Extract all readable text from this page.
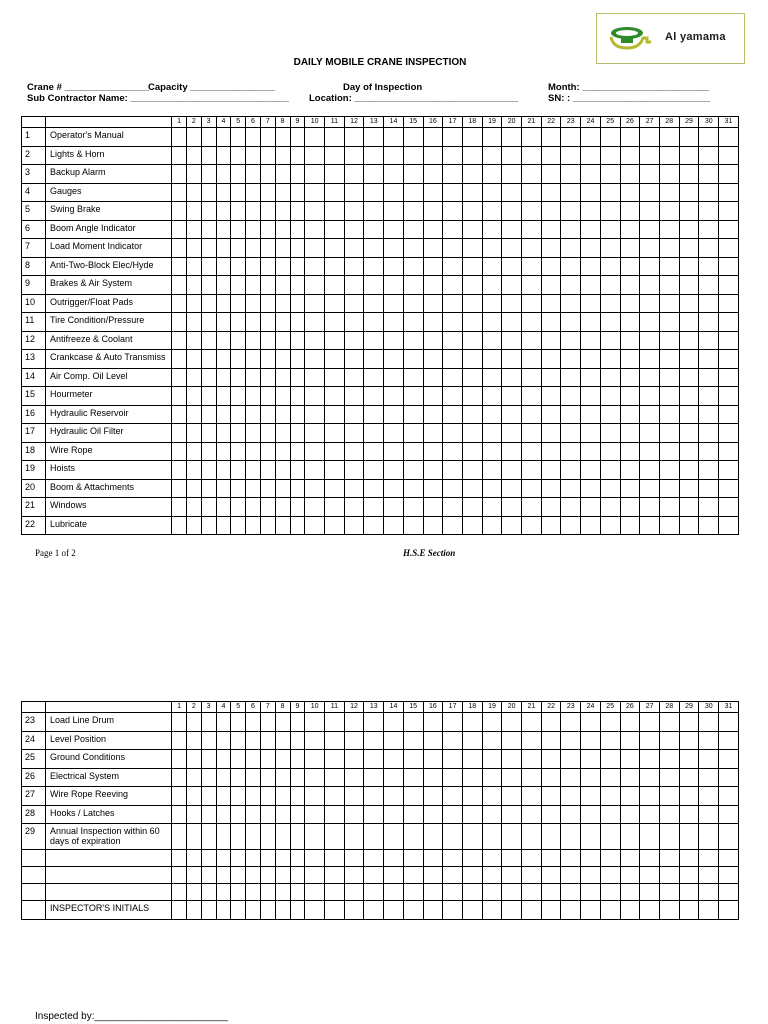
Al yamama
DAILY MOBILE CRANE INSPECTION
Crane # ________________
Capacity ________________	Day of Inspection	Month: ________________________
Sub Contractor Name: ______________________________ Location: _______________________________	SN: : __________________________
		1	2	3	4	5	6	7	8	9	10	11	12	13	14	15	16	17	18	19	20	21	22	23	24	25	26	27	28	29	30	31
1	Operator's Manual																															
2	Lights & Horn																															
3	Backup Alarm																															
4	Gauges																															
5	Swing Brake																															
6	Boom Angle Indicator																															
7	Load Moment Indicator																															
8	Anti-Two-Block Elec/Hyde																															
9	Brakes & Air System																															
10	Outrigger/Float Pads																															
11	Tire Condition/Pressure																															
12	Antifreeze & Coolant																															
13	Crankcase & Auto Transmiss																															
14	Air Comp. Oil Level																															
15	Hourmeter																															
16	Hydraulic Reservoir																															
17	Hydraulic Oil Filter																															
18	Wire Rope																															
19	Hoists																															
20	Boom & Attachments																															
21	Windows																															
22	Lubricate																															
Page 1 of 2	H.S.E Section
		1	2	3	4	5	6	7	8	9	10	11	12	13	14	15	16	17	18	19	20	21	22	23	24	25	26	27	28	29	30	31
23	Load Line Drum																															
24	Level Position																															
25	Ground Conditions																															
26	Electrical System																															
27	Wire Rope Reeving																															
28	Hooks / Latches																															
29	Annual Inspection within 60 days of expiration																															

	INSPECTOR'S INITIALS																															
Inspected by:________________________
